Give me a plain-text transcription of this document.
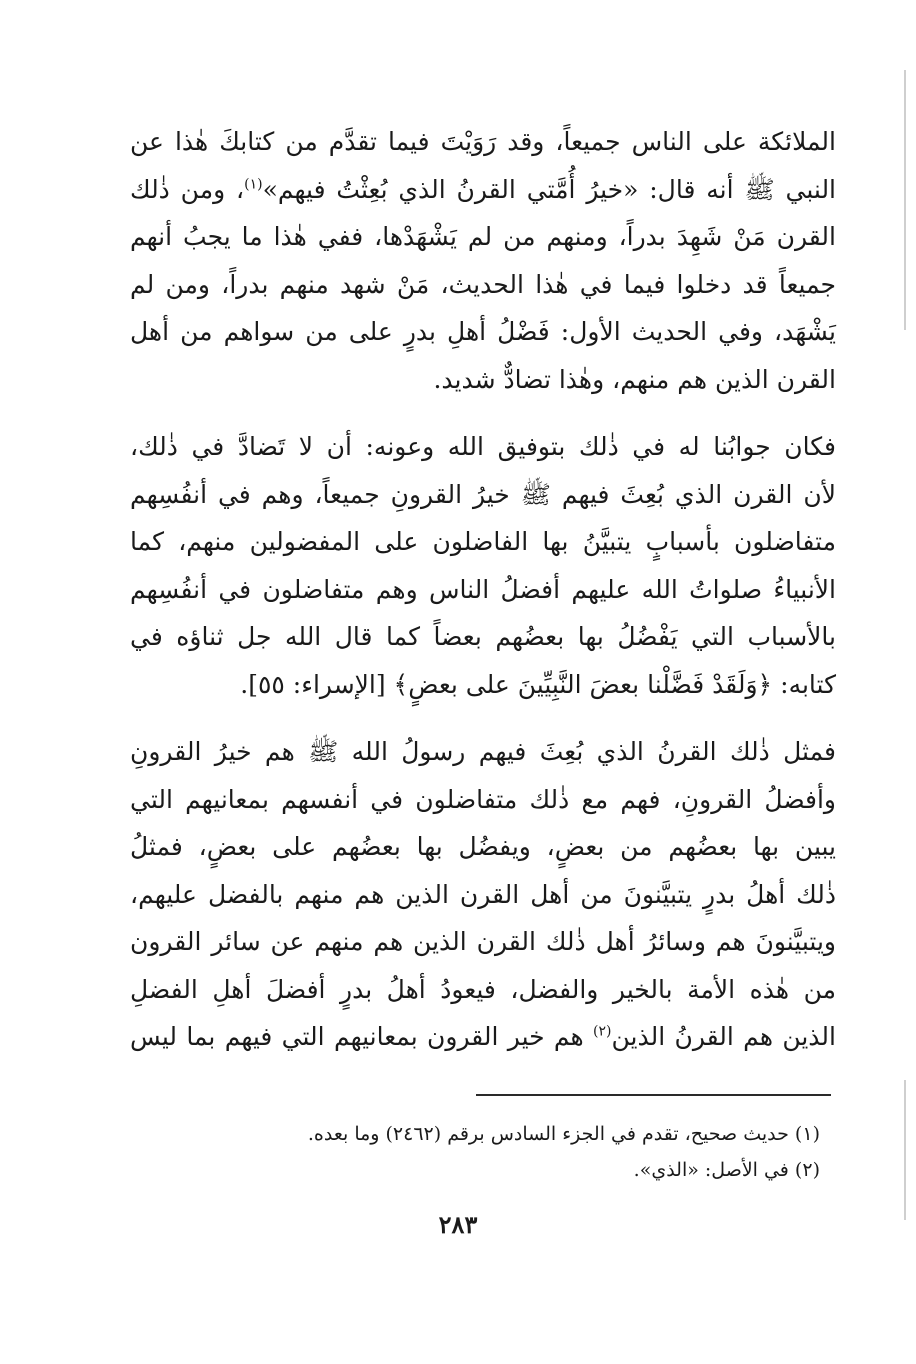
الملائكة على الناس جميعاً، وقد رَوَيْتَ فيما تقدَّم من كتابكَ هٰذا عن
النبي ﷺ أنه قال: «خيرُ أُمَّتي القرنُ الذي بُعِثْتُ فيهم»$^{(١)}$، ومن ذٰلك
القرن مَنْ شَهِدَ بدراً، ومنهم من لم يَشْهَدْها، ففي هٰذا ما يجبُ أنهم
جميعاً قد دخلوا فيما في هٰذا الحديث، مَنْ شهد منهم بدراً، ومن لم
يَشْهَد، وفي الحديث الأول: فَضْلُ أهلِ بدرٍ على من سواهم من أهل
القرن الذين هم منهم، وهٰذا تضادٌّ شديد.

فكان جوابُنا له في ذٰلك بتوفيق الله وعونه: أن لا تَضادَّ في ذٰلك،
لأن القرن الذي بُعِثَ فيهم ﷺ خيرُ القرونِ جميعاً، وهم في أنفُسِهم
متفاضلون بأسبابٍ يتبيَّنُ بها الفاضلون على المفضولين منهم، كما
الأنبياءُ صلواتُ الله عليهم أفضلُ الناس وهم متفاضلون في أنفُسِهم
بالأسباب التي يَفْضُلُ بها بعضُهم بعضاً كما قال الله جل ثناؤه في
كتابه: ﴿وَلَقَدْ فَضَّلْنا بعضَ النَّبِيِّينَ على بعضٍ﴾ [الإسراء: ٥٥].

فمثل ذٰلك القرنُ الذي بُعِثَ فيهم رسولُ الله ﷺ هم خيرُ القرونِ
وأفضلُ القرونِ، فهم مع ذٰلك متفاضلون في أنفسهم بمعانيهم التي
يبين بها بعضُهم من بعضٍ، ويفضُل بها بعضُهم على بعضٍ، فمثلُ
ذٰلك أهلُ بدرٍ يتبيَّنونَ من أهل القرن الذين هم منهم بالفضل عليهم،
ويتبيَّنونَ هم وسائرُ أهل ذٰلك القرن الذين هم منهم عن سائر القرون
من هٰذه الأمة بالخير والفضل، فيعودُ أهلُ بدرٍ أفضلَ أهلِ الفضلِ
الذين هم القرنُ الذين$^{(٢)}$ هم خير القرون بمعانيهم التي فيهم بما ليس

(١) حديث صحيح، تقدم في الجزء السادس برقم (٢٤٦٢) وما بعده.
(٢) في الأصل: «الذي».
٢٨٣
